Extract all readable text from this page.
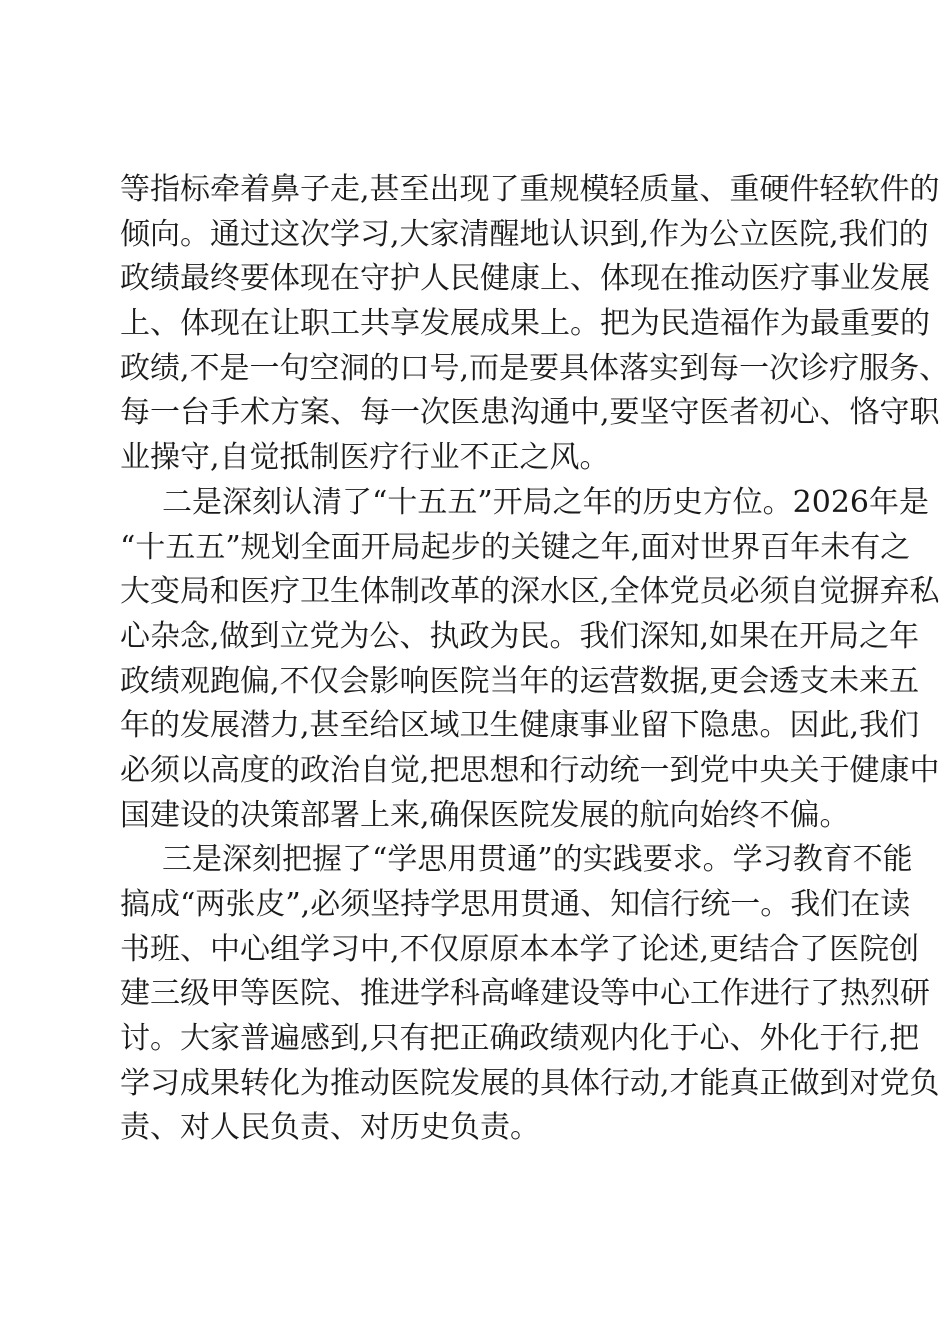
等指标牵着鼻子走,甚至出现了重规模轻质量、重硬件轻软件的
倾向。通过这次学习,大家清醒地认识到,作为公立医院,我们的
政绩最终要体现在守护人民健康上、体现在推动医疗事业发展
上、体现在让职工共享发展成果上。把为民造福作为最重要的
政绩,不是一句空洞的口号,而是要具体落实到每一次诊疗服务、
每一台手术方案、每一次医患沟通中,要坚守医者初心、恪守职
业操守,自觉抵制医疗行业不正之风。
二是深刻认清了“十五五”开局之年的历史方位。2026年是
“十五五”规划全面开局起步的关键之年,面对世界百年未有之
大变局和医疗卫生体制改革的深水区,全体党员必须自觉摒弃私
心杂念,做到立党为公、执政为民。我们深知,如果在开局之年
政绩观跑偏,不仅会影响医院当年的运营数据,更会透支未来五
年的发展潜力,甚至给区域卫生健康事业留下隐患。因此,我们
必须以高度的政治自觉,把思想和行动统一到党中央关于健康中
国建设的决策部署上来,确保医院发展的航向始终不偏。
三是深刻把握了“学思用贯通”的实践要求。学习教育不能
搞成“两张皮”,必须坚持学思用贯通、知信行统一。我们在读
书班、中心组学习中,不仅原原本本学了论述,更结合了医院创
建三级甲等医院、推进学科高峰建设等中心工作进行了热烈研
讨。大家普遍感到,只有把正确政绩观内化于心、外化于行,把
学习成果转化为推动医院发展的具体行动,才能真正做到对党负
责、对人民负责、对历史负责。
